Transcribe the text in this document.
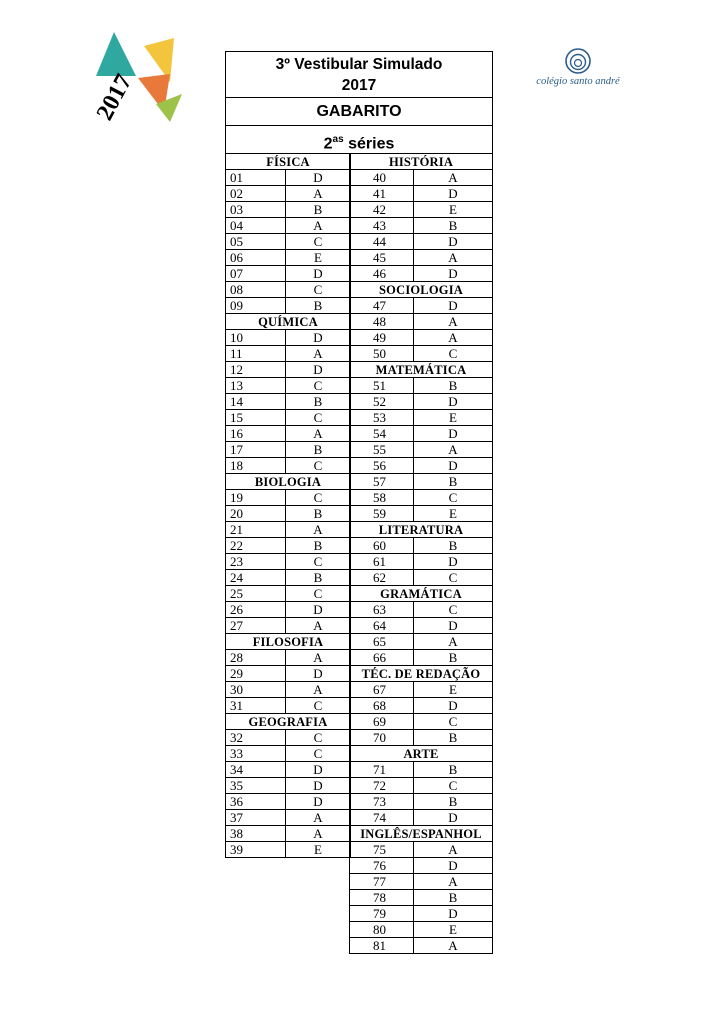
2017	colégio santo andré
3º Vestibular Simulado
2017
GABARITO
$2^{as}$ séries
FÍSICA
01	D
02	A
03	B
04	A
05	C
06	E
07	D
08	C
09	B
QUÍMICA
10	D
11	A
12	D
13	C
14	B
15	C
16	A
17	B
18	C
BIOLOGIA
19	C
20	B
21	A
22	B
23	C
24	B
25	C
26	D
27	A
FILOSOFIA
28	A
29	D
30	A
31	C
GEOGRAFIA
32	C
33	C
34	D
35	D
36	D
37	A
38	A
39	E
HISTÓRIA
40	A
41	D
42	E
43	B
44	D
45	A
46	D
SOCIOLOGIA
47	D
48	A
49	A
50	C
MATEMÁTICA
51	B
52	D
53	E
54	D
55	A
56	D
57	B
58	C
59	E
LITERATURA
60	B
61	D
62	C
GRAMÁTICA
63	C
64	D
65	A
66	B
TÉC. DE REDAÇÃO
67	E
68	D
69	C
70	B
ARTE
71	B
72	C
73	B
74	D
INGLÊS/ESPANHOL
75	A
76	D
77	A
78	B
79	D
80	E
81	A
